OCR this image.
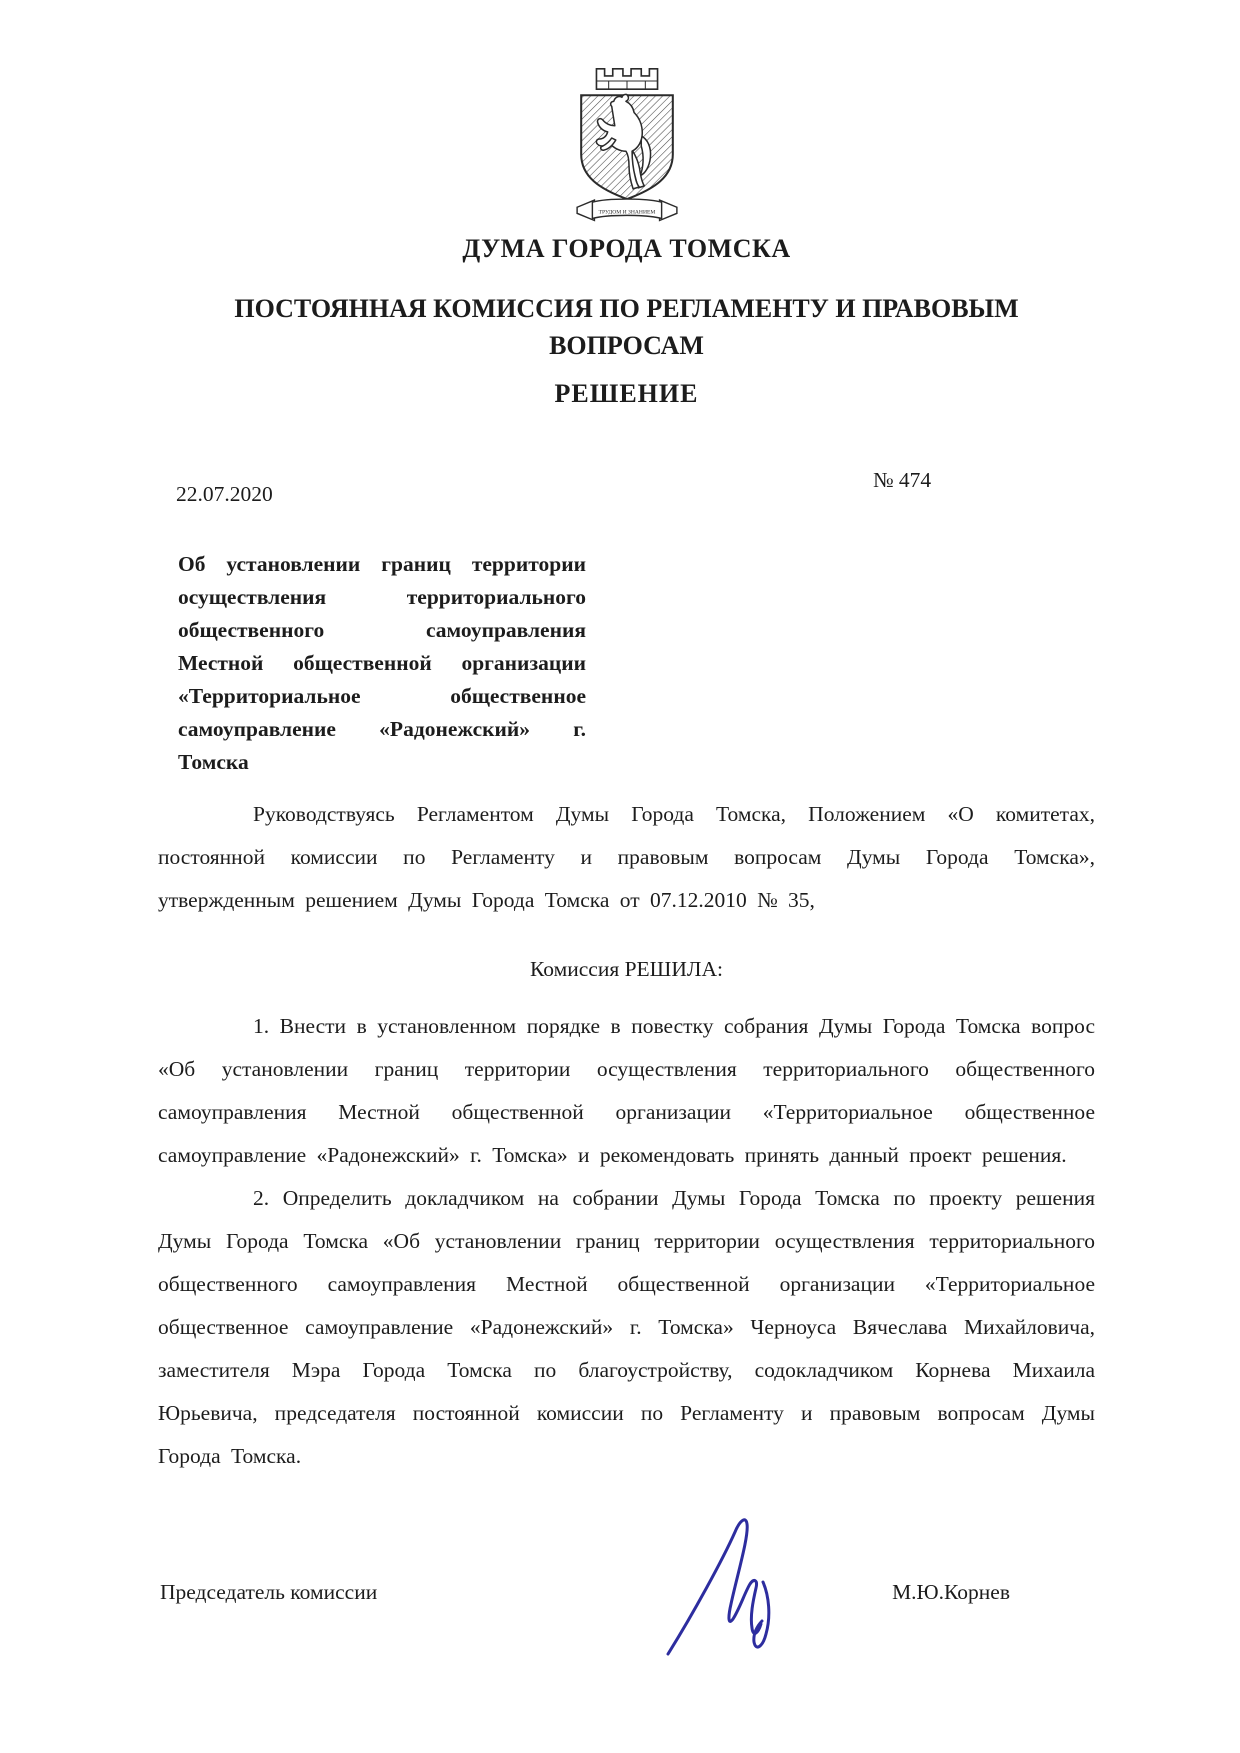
ТРУДОМ И ЗНАНИЕМ
ДУМА ГОРОДА ТОМСКА
ПОСТОЯННАЯ КОМИССИЯ ПО РЕГЛАМЕНТУ И ПРАВОВЫМ ВОПРОСАМ
РЕШЕНИЕ
№ 474
22.07.2020

Об установлении границ территории осуществления территориального общественного самоуправления Местной общественной организации «Территориальное общественное самоуправление «Радонежский» г. Томска

Руководствуясь Регламентом Думы Города Томска, Положением «О комитетах, постоянной комиссии по Регламенту и правовым вопросам Думы Города Томска», утвержденным решением Думы Города Томска от 07.12.2010 № 35,

Комиссия РЕШИЛА:

1. Внести в установленном порядке в повестку собрания Думы Города Томска вопрос «Об установлении границ территории осуществления территориального общественного самоуправления Местной общественной организации «Территориальное общественное самоуправление «Радонежский» г. Томска» и рекомендовать принять данный проект решения.

2. Определить докладчиком на собрании Думы Города Томска по проекту решения Думы Города Томска «Об установлении границ территории осуществления территориального общественного самоуправления Местной общественной организации «Территориальное общественное самоуправление «Радонежский» г. Томска» Черноуса Вячеслава Михайловича, заместителя Мэра Города Томска по благоустройству, содокладчиком Корнева Михаила Юрьевича, председателя постоянной комиссии по Регламенту и правовым вопросам Думы Города Томска.

Председатель комиссии	М.Ю.Корнев
